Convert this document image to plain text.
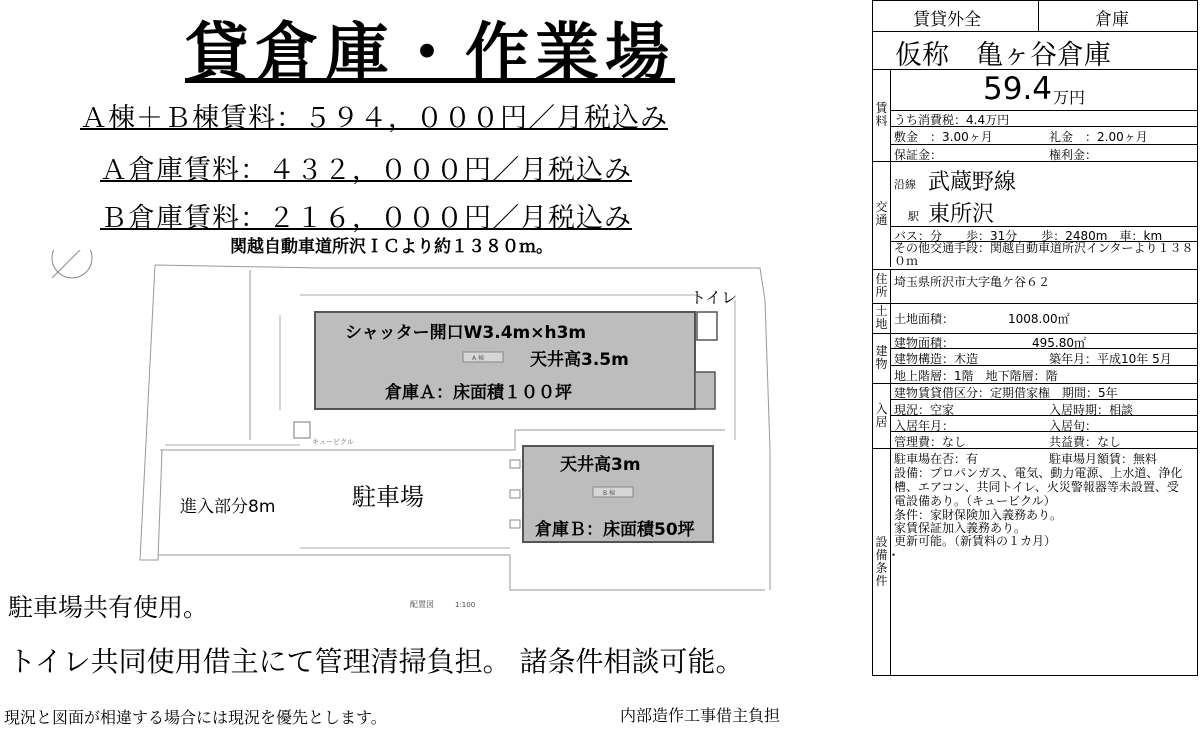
貸倉庫・作業場
Ａ棟＋Ｂ棟賃料：５９４，０００円／月税込み
Ａ倉庫賃料：４３２，０００円／月税込み
Ｂ倉庫賃料：２１６，０００円／月税込み
関越自動車道所沢ＩＣより約１３８０ｍ。
トイレ
シャッター開口W3.4m×h3m
天井高3.5m
倉庫Ａ：床面積１００坪
天井高3m
倉庫Ｂ：床面積50坪
駐車場
進入部分8m
キュービクル
A 棟
B 棟
配置図	1:100
駐車場共有使用。
トイレ共同使用借主にて管理清掃負担。 諸条件相談可能。
現況と図面が相違する場合には現況を優先とします。	内部造作工事借主負担
賃貸外全	倉庫
仮称　亀ヶ谷倉庫
賃料
59.4 万円
うち消費税：4.4万円
敷金　：3.00ヶ月	礼金　：2.00ヶ月
保証金：	権利金：
交通
沿線 武蔵野線
駅 東所沢
バス：分　　歩：31分　　歩：2480m　車：km
その他交通手段：関越自動車道所沢インターより１３８０ｍ
住所
埼玉県所沢市大字亀ケ谷６２
土地 土地面積：　　　　　1008.00㎡
建物
建物面積：　　　　　　　495.80㎡
建物構造：木造	築年月：平成10年 5月
地上階層：1階　地下階層：階
入居
建物賃貸借区分：定期借家権　期間：5年
現況：空家	入居時期：相談
入居年月：	入居旬：
管理費：なし	共益費：なし
設備・条件
駐車場在否：有	駐車場月額賃：無料
設備：プロパンガス、電気、動力電源、上水道、浄化
槽、エアコン、共同トイレ、火災警報器等未設置、受
電設備あり。（キュービクル）
条件：家財保険加入義務あり。
家賃保証加入義務あり。
更新可能。（新賃料の１カ月）
